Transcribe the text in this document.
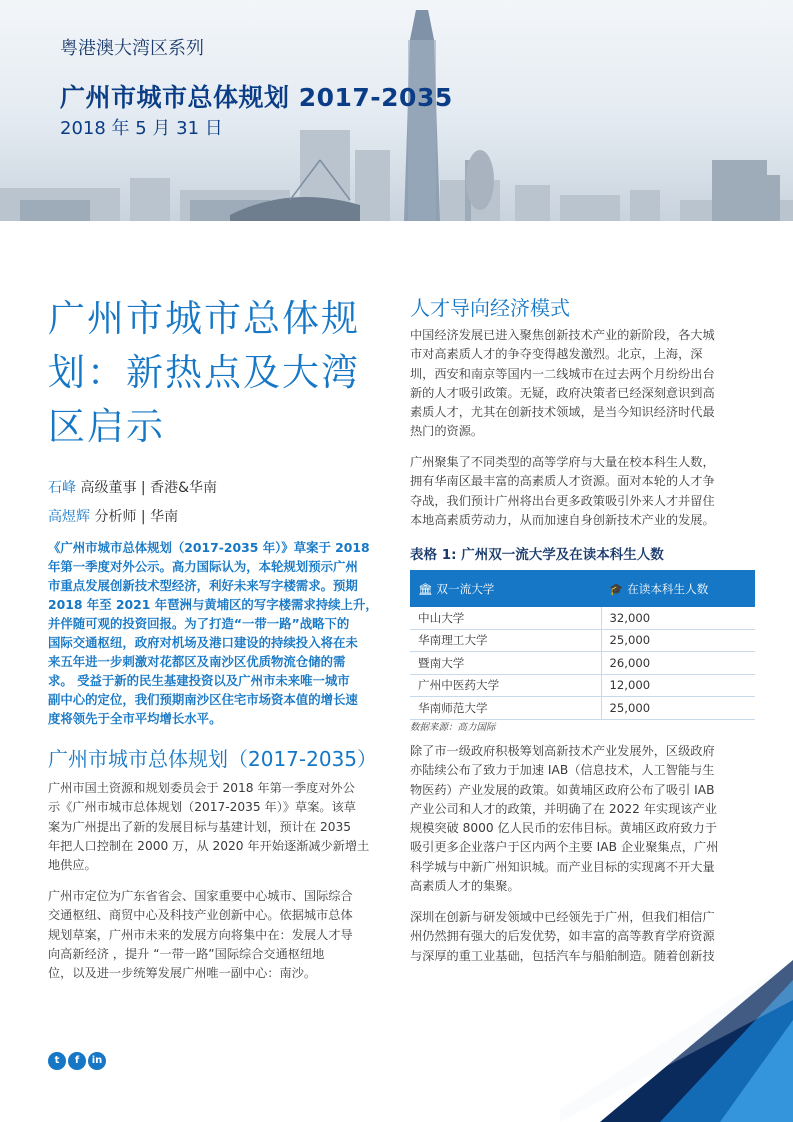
粤港澳大湾区系列
广州市城市总体规划 2017-2035
2018 年 5 月 31 日
广州市城市总体规
划：新热点及大湾
区启示
石峰 高级董事 | 香港&华南
高煜辉 分析师 | 华南
《广州市城市总体规划（2017-2035 年）》草案于 2018
年第一季度对外公示。高力国际认为，本轮规划预示广州
市重点发展创新技术型经济，利好未来写字楼需求。预期
2018 年至 2021 年琶洲与黄埔区的写字楼需求持续上升，
并伴随可观的投资回报。为了打造“一带一路”战略下的
国际交通枢纽，政府对机场及港口建设的持续投入将在未
来五年进一步刺激对花都区及南沙区优质物流仓储的需
求。 受益于新的民生基建投资以及广州市未来唯一城市
副中心的定位，我们预期南沙区住宅市场资本值的增长速
度将领先于全市平均增长水平。
广州市城市总体规划（2017-2035）
广州市国土资源和规划委员会于 2018 年第一季度对外公
示《广州市城市总体规划（2017-2035 年）》草案。该草
案为广州提出了新的发展目标与基建计划，预计在 2035
年把人口控制在 2000 万，从 2020 年开始逐渐减少新增土
地供应。
广州市定位为广东省省会、国家重要中心城市、国际综合
交通枢纽、商贸中心及科技产业创新中心。依据城市总体
规划草案，广州市未来的发展方向将集中在：发展人才导
向高新经济 ，提升 “一带一路”国际综合交通枢纽地
位，以及进一步统筹发展广州唯一副中心：南沙。
人才导向经济模式
中国经济发展已进入聚焦创新技术产业的新阶段，各大城
市对高素质人才的争夺变得越发激烈。北京，上海，深
圳，西安和南京等国内一二线城市在过去两个月纷纷出台
新的人才吸引政策。无疑，政府决策者已经深刻意识到高
素质人才，尤其在创新技术领域，是当今知识经济时代最
热门的资源。
广州聚集了不同类型的高等学府与大量在校本科生人数，
拥有华南区最丰富的高素质人才资源。面对本轮的人才争
夺战，我们预计广州将出台更多政策吸引外来人才并留住
本地高素质劳动力，从而加速自身创新技术产业的发展。
表格 1: 广州双一流大学及在读本科生人数
🏛 双一流大学	🎓 在读本科生人数
中山大学	32,000
华南理工大学	25,000
暨南大学	26,000
广州中医药大学	12,000
华南师范大学	25,000
数据来源：高力国际
除了市一级政府积极筹划高新技术产业发展外，区级政府
亦陆续公布了致力于加速 IAB（信息技术，人工智能与生
物医药）产业发展的政策。如黄埔区政府公布了吸引 IAB
产业公司和人才的政策，并明确了在 2022 年实现该产业
规模突破 8000 亿人民币的宏伟目标。黄埔区政府致力于
吸引更多企业落户于区内两个主要 IAB 企业聚集点，广州
科学城与中新广州知识城。而产业目标的实现离不开大量
高素质人才的集聚。
深圳在创新与研发领域中已经领先于广州，但我们相信广
州仍然拥有强大的后发优势，如丰富的高等教育学府资源
与深厚的重工业基础，包括汽车与船舶制造。随着创新技
t f in
